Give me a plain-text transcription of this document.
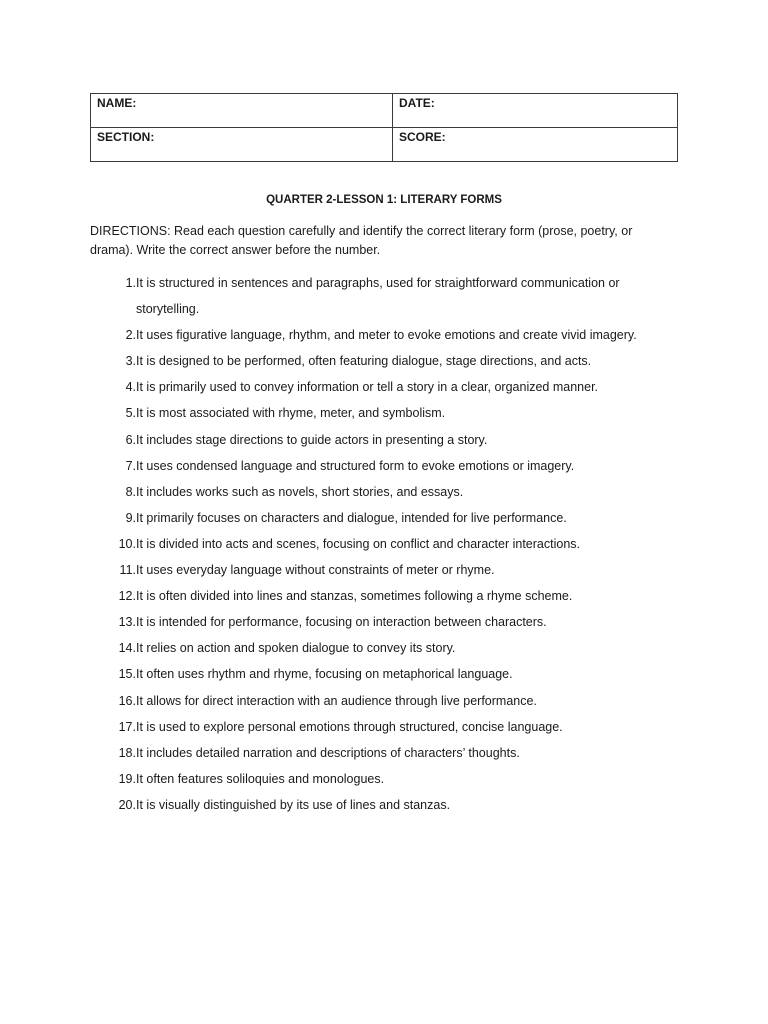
NAME:	DATE:
SECTION:	SCORE:
QUARTER 2-LESSON 1: LITERARY FORMS
DIRECTIONS: Read each question carefully and identify the correct literary form (prose, poetry, or drama). Write the correct answer before the number.
1. It is structured in sentences and paragraphs, used for straightforward communication or storytelling.
2. It uses figurative language, rhythm, and meter to evoke emotions and create vivid imagery.
3. It is designed to be performed, often featuring dialogue, stage directions, and acts.
4. It is primarily used to convey information or tell a story in a clear, organized manner.
5. It is most associated with rhyme, meter, and symbolism.
6. It includes stage directions to guide actors in presenting a story.
7. It uses condensed language and structured form to evoke emotions or imagery.
8. It includes works such as novels, short stories, and essays.
9. It primarily focuses on characters and dialogue, intended for live performance.
10. It is divided into acts and scenes, focusing on conflict and character interactions.
11. It uses everyday language without constraints of meter or rhyme.
12. It is often divided into lines and stanzas, sometimes following a rhyme scheme.
13. It is intended for performance, focusing on interaction between characters.
14. It relies on action and spoken dialogue to convey its story.
15. It often uses rhythm and rhyme, focusing on metaphorical language.
16. It allows for direct interaction with an audience through live performance.
17. It is used to explore personal emotions through structured, concise language.
18. It includes detailed narration and descriptions of characters’ thoughts.
19. It often features soliloquies and monologues.
20. It is visually distinguished by its use of lines and stanzas.
